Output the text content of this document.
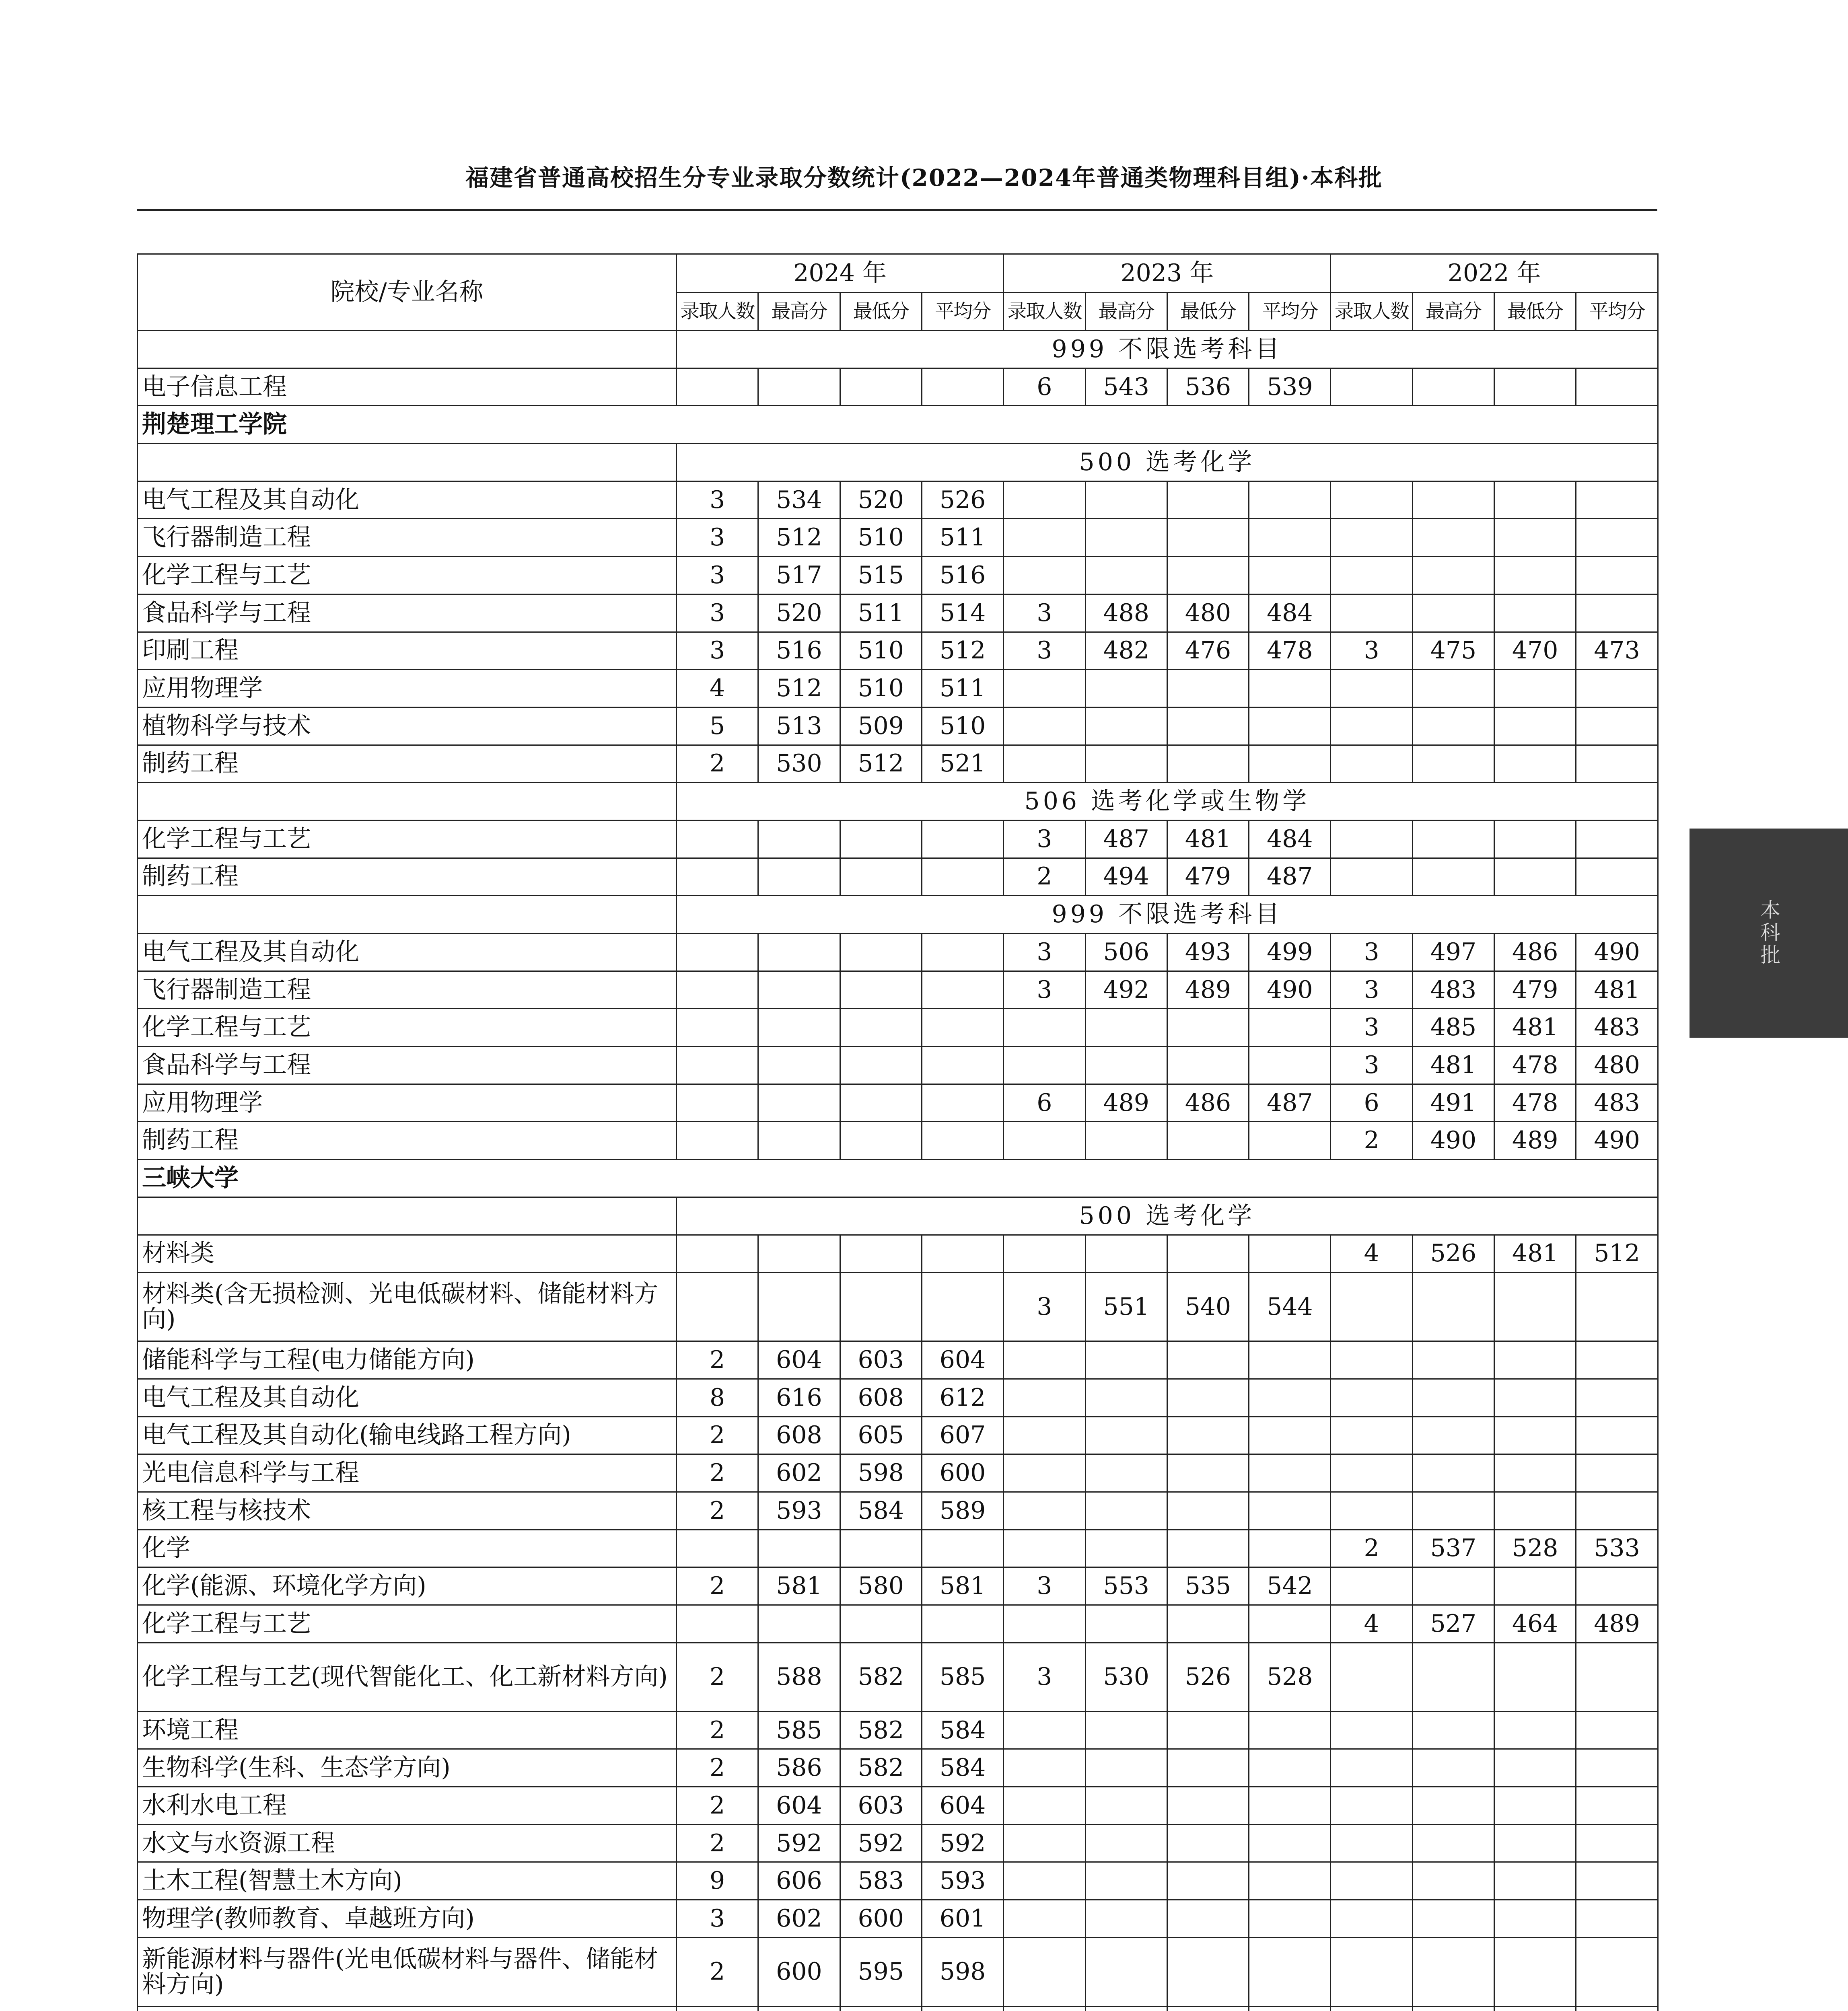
福建省普通高校招生分专业录取分数统计(2022—2024年普通类物理科目组)·本科批
院校/专业名称	2024 年				2023 年				2022 年			
	录取人数	最高分	最低分	平均分	录取人数	最高分	最低分	平均分	录取人数	最高分	最低分	平均分
	999 不限选考科目											
电子信息工程					6	543	536	539				
荆楚理工学院												
	500 选考化学											
电气工程及其自动化	3	534	520	526								
飞行器制造工程	3	512	510	511								
化学工程与工艺	3	517	515	516								
食品科学与工程	3	520	511	514	3	488	480	484				
印刷工程	3	516	510	512	3	482	476	478	3	475	470	473
应用物理学	4	512	510	511								
植物科学与技术	5	513	509	510								
制药工程	2	530	512	521								
	506 选考化学或生物学											
化学工程与工艺					3	487	481	484				
制药工程					2	494	479	487				
	999 不限选考科目											
电气工程及其自动化					3	506	493	499	3	497	486	490
飞行器制造工程					3	492	489	490	3	483	479	481
化学工程与工艺									3	485	481	483
食品科学与工程									3	481	478	480
应用物理学					6	489	486	487	6	491	478	483
制药工程									2	490	489	490
三峡大学												
	500 选考化学											
材料类									4	526	481	512
材料类(含无损检测、光电低碳材料、储能材料方向)					3	551	540	544				
储能科学与工程(电力储能方向)	2	604	603	604								
电气工程及其自动化	8	616	608	612								
电气工程及其自动化(输电线路工程方向)	2	608	605	607								
光电信息科学与工程	2	602	598	600								
核工程与核技术	2	593	584	589								
化学									2	537	528	533
化学(能源、环境化学方向)	2	581	580	581	3	553	535	542				
化学工程与工艺									4	527	464	489
化学工程与工艺(现代智能化工、化工新材料方向)	2	588	582	585	3	530	526	528				
环境工程	2	585	582	584								
生物科学(生科、生态学方向)	2	586	582	584								
水利水电工程	2	604	603	604								
水文与水资源工程	2	592	592	592								
土木工程(智慧土木方向)	9	606	583	593								
物理学(教师教育、卓越班方向)	3	602	600	601								
新能源材料与器件(光电低碳材料与器件、储能材料方向)	2	600	595	598								

本科批
